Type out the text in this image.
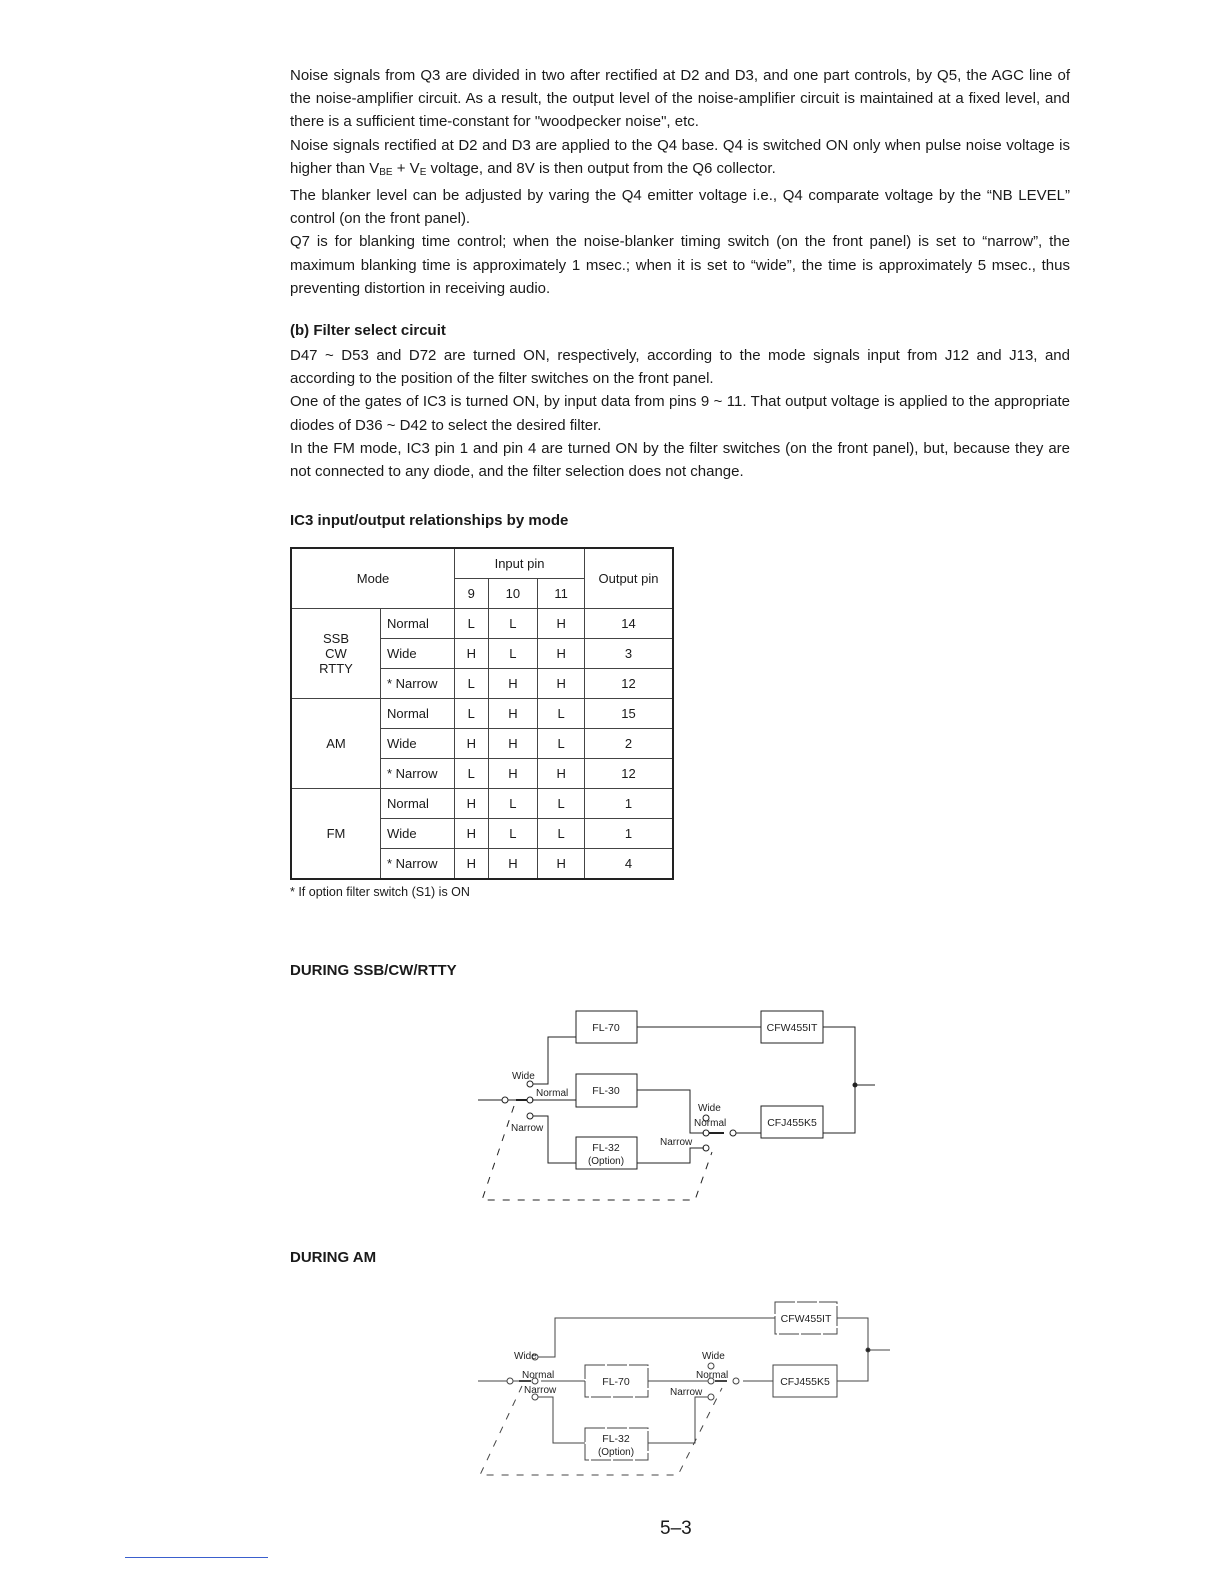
Noise signals from Q3 are divided in two after rectified at D2 and D3, and one part controls, by Q5, the AGC line of the noise-amplifier circuit. As a result, the output level of the noise-amplifier circuit is maintained at a fixed level, and there is a sufficient time-constant for "woodpecker noise", etc.

Noise signals rectified at D2 and D3 are applied to the Q4 base. Q4 is switched ON only when pulse noise voltage is higher than $V_{BE} + V_E$ voltage, and 8V is then output from the Q6 collector.

The blanker level can be adjusted by varing the Q4 emitter voltage i.e., Q4 comparate voltage by the “NB LEVEL” control (on the front panel).

Q7 is for blanking time control; when the noise-blanker timing switch (on the front panel) is set to “narrow”, the maximum blanking time is approximately 1 msec.; when it is set to “wide”, the time is approximately 5 msec., thus preventing distortion in receiving audio.

(b) Filter select circuit

D47 ~ D53 and D72 are turned ON, respectively, according to the mode signals input from J12 and J13, and according to the position of the filter switches on the front panel.

One of the gates of IC3 is turned ON, by input data from pins 9 ~ 11. That output voltage is applied to the appropriate diodes of D36 ~ D42 to select the desired filter.

In the FM mode, IC3 pin 1 and pin 4 are turned ON by the filter switches (on the front panel), but, because they are not connected to any diode, and the filter selection does not change.

IC3 input/output relationships by mode
Mode		Input pin			Output pin
		9	10	11	
SSB
CW
RTTY	Normal	L	L	H	14
	Wide	H	L	H	3
	* Narrow	L	H	H	12
AM	Normal	L	H	L	15
	Wide	H	H	L	2
	* Narrow	L	H	H	12
FM	Normal	H	L	L	1
	Wide	H	L	L	1
	* Narrow	H	H	H	4
* If option filter switch (S1) is ON
DURING SSB/CW/RTTY
DURING AM
FL-70	CFW455IT
FL-30
FL-32
(Option)
CFJ455K5
Wide
Normal
Narrow
Wide
Normal
Narrow
CFW455IT
FL-70
FL-32
(Option)
CFJ455K5
Wide
Normal
Narrow
Wide
Normal
Narrow
5–3
